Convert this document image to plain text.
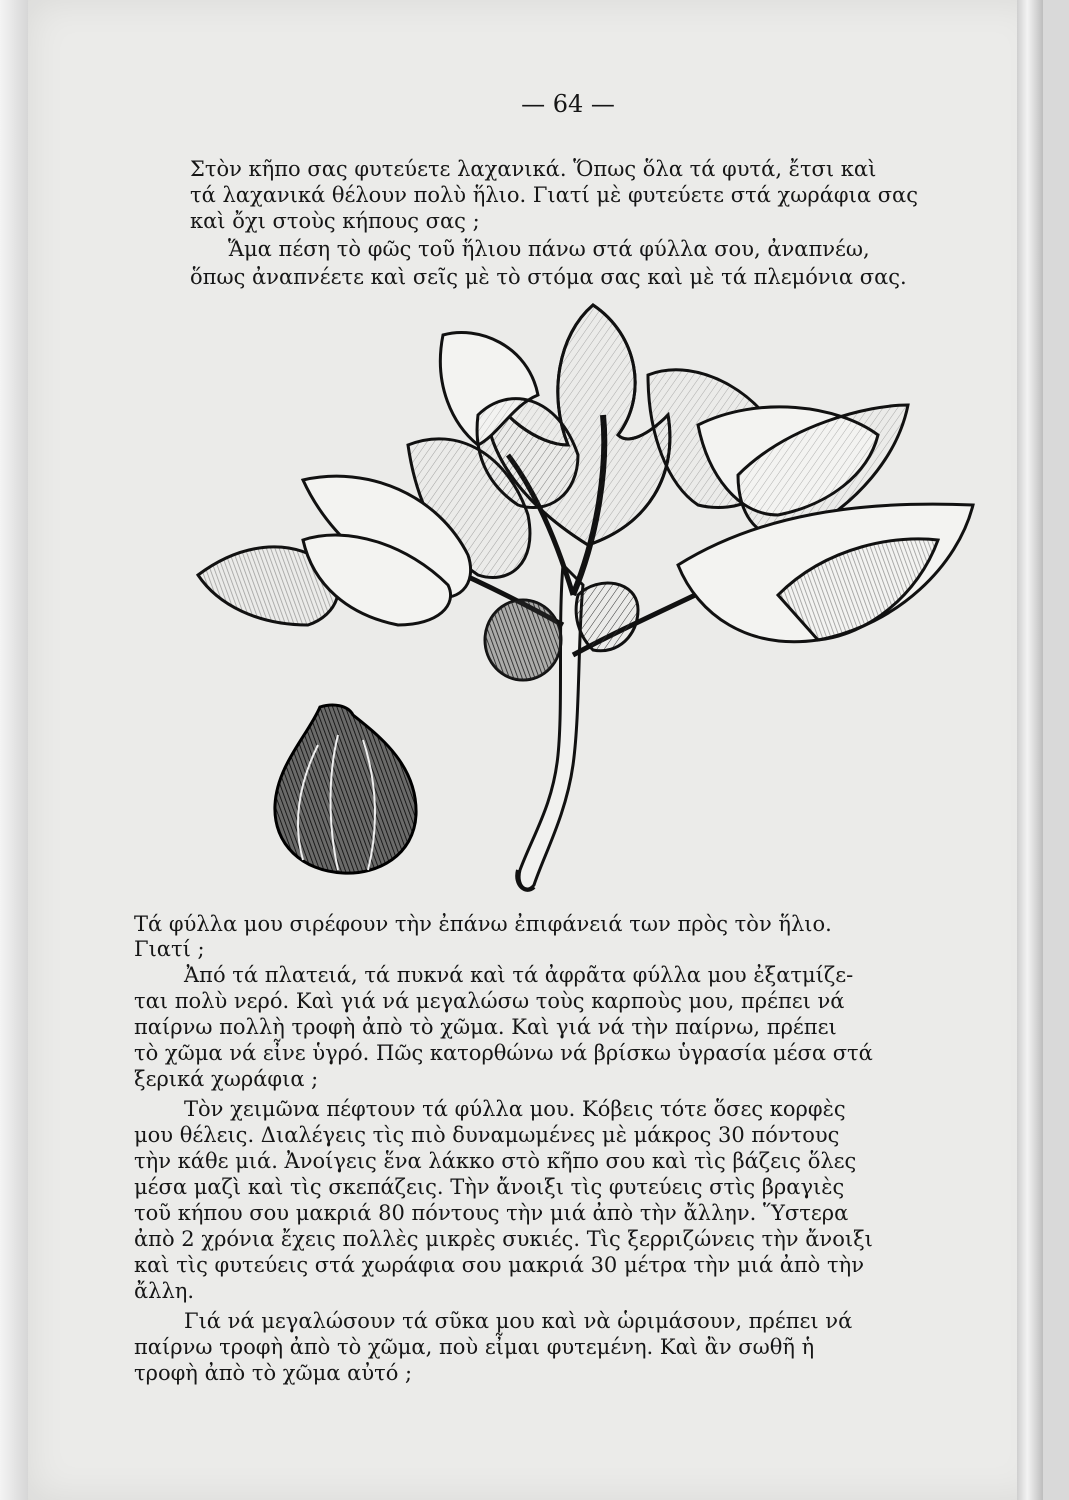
— 64 —
Στὸν κῆπο σας φυτεύετε λαχανικά. Ὅπως ὅλα τά φυτά, ἔτσι καὶ
τά λαχανικά θέλουν πολὺ ἥλιο. Γιατί μὲ φυτεύετε στά χωράφια σας
καὶ ὄχι στοὺς κήπους σας ;
Ἅμα πέση τὸ φῶς τοῦ ἥλιου πάνω στά φύλλα σου, ἀναπνέω,
ὅπως ἀναπνέετε καὶ σεῖς μὲ τὸ στόμα σας καὶ μὲ τά πλεμόνια σας.
Τά φύλλα μου σιρέφουν τὴν ἐπάνω ἐπιφάνειά των πρὸς τὸν ἥλιο.
Γιατί ;
Ἀπό τά πλατειά, τά πυκνά καὶ τά ἀφρᾶτα φύλλα μου ἐξατμίζε-
ται πολὺ νερό. Καὶ γιά νά μεγαλώσω τοὺς καρποὺς μου, πρέπει νά
παίρνω πολλὴ τροφὴ ἀπὸ τὸ χῶμα. Καὶ γιά νά τὴν παίρνω, πρέπει
τὸ χῶμα νά εἶνε ὑγρό. Πῶς κατορθώνω νά βρίσκω ὑγρασία μέσα στά
ξερικά χωράφια ;
Τὸν χειμῶνα πέφτουν τά φύλλα μου. Κόβεις τότε ὅσες κορφὲς
μου θέλεις. Διαλέγεις τὶς πιὸ δυναμωμένες μὲ μάκρος 30 πόντους
τὴν κάθε μιά. Ἀνοίγεις ἕνα λάκκο στὸ κῆπο σου καὶ τὶς βάζεις ὅλες
μέσα μαζὶ καὶ τὶς σκεπάζεις. Τὴν ἄνοιξι τὶς φυτεύεις στὶς βραγιὲς
τοῦ κήπου σου μακριά 80 πόντους τὴν μιά ἀπὸ τὴν ἄλλην. Ὕστερα
ἀπὸ 2 χρόνια ἔχεις πολλὲς μικρὲς συκιές. Τὶς ξερριζώνεις τὴν ἄνοιξι
καὶ τὶς φυτεύεις στά χωράφια σου μακριά 30 μέτρα τὴν μιά ἀπὸ τὴν
ἄλλη.
Γιά νά μεγαλώσουν τά σῦκα μου καὶ νὰ ὡριμάσουν, πρέπει νά
παίρνω τροφὴ ἀπὸ τὸ χῶμα, ποὺ εἶμαι φυτεμένη. Καὶ ἂν σωθῆ ἡ
τροφὴ ἀπὸ τὸ χῶμα αὐτό ;
